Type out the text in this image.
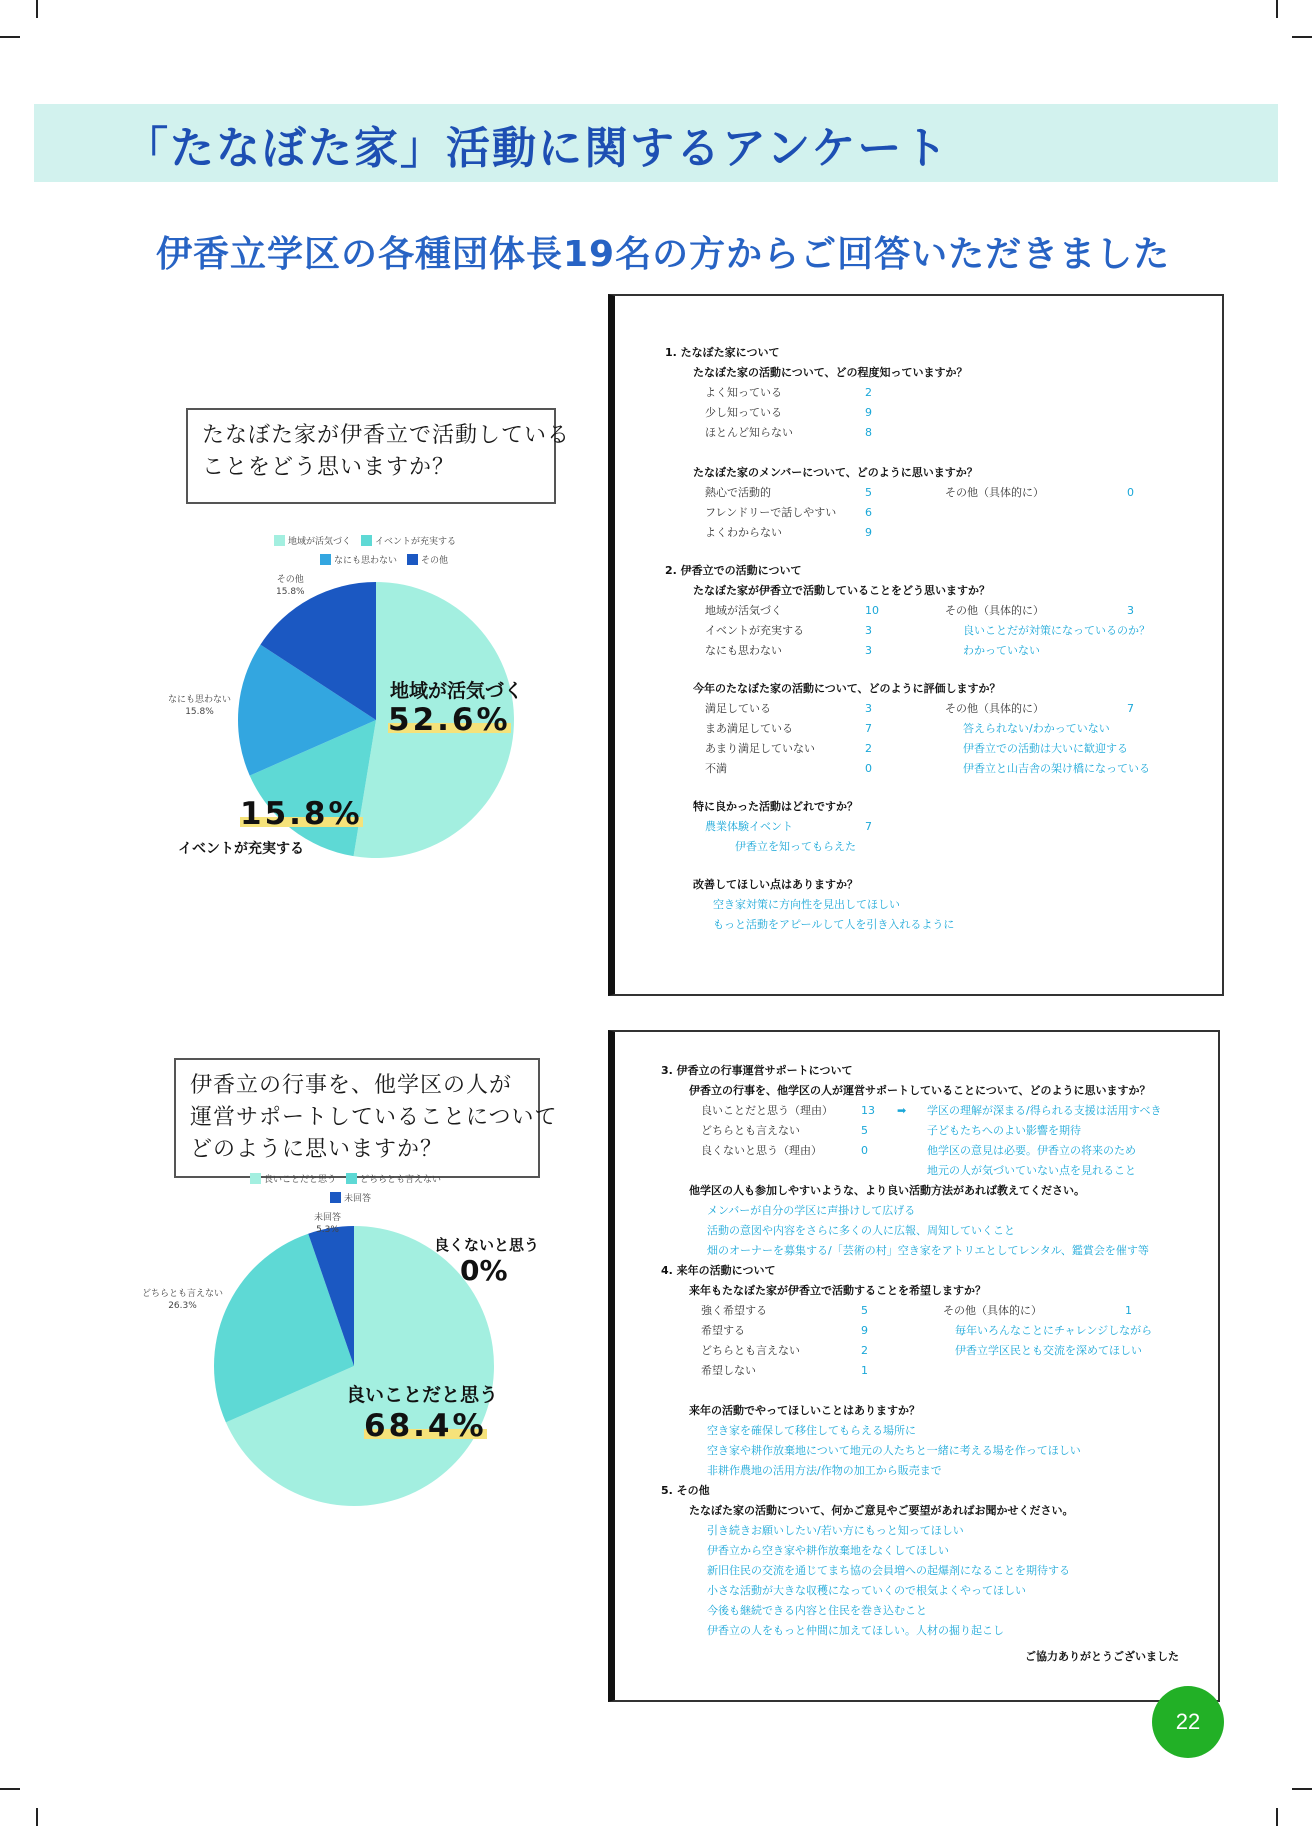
「たなぼた家」活動に関するアンケート
伊香立学区の各種団体長19名の方からご回答いただきました
たなぼた家が伊香立で活動している
ことをどう思いますか？
地域が活気づく	イベントが充実する
なにも思わない	その他
その他
15.8%
なにも思わない
15.8%
地域が活気づく
52.6%
15.8%
イベントが充実する
伊香立の行事を、他学区の人が
運営サポートしていることについて
どのように思いますか？
良いことだと思う	どちらとも言えない
未回答
未回答
5.3%
どちらとも言えない
26.3%
良くないと思う
0%
良いことだと思う
68.4%
1. たなぼた家について
たなぼた家の活動について、どの程度知っていますか？
よく知っている	2
少し知っている	9
ほとんど知らない	8
たなぼた家のメンバーについて、どのように思いますか？
熱心で活動的	5	その他（具体的に）	0
フレンドリーで話しやすい	6
よくわからない	9
2. 伊香立での活動について
たなぼた家が伊香立で活動していることをどう思いますか？
地域が活気づく	10	その他（具体的に）	3
イベントが充実する	3	良いことだが対策になっているのか？
なにも思わない	3	わかっていない
今年のたなぼた家の活動について、どのように評価しますか？
満足している	3	その他（具体的に）	7
まあ満足している	7	答えられない/わかっていない
あまり満足していない	2	伊香立での活動は大いに歓迎する
不満	0	伊香立と山吉舎の架け橋になっている
特に良かった活動はどれですか？
農業体験イベント	7
伊香立を知ってもらえた
改善してほしい点はありますか？
空き家対策に方向性を見出してほしい
もっと活動をアピールして人を引き入れるように
3. 伊香立の行事運営サポートについて
伊香立の行事を、他学区の人が運営サポートしていることについて、どのように思いますか？
良いことだと思う（理由）	13 ➡ 学区の理解が深まる/得られる支援は活用すべき
どちらとも言えない	5	子どもたちへのよい影響を期待
良くないと思う（理由）	0	他学区の意見は必要。伊香立の将来のため
地元の人が気づいていない点を見れること
他学区の人も参加しやすいような、より良い活動方法があれば教えてください。
メンバーが自分の学区に声掛けして広げる
活動の意図や内容をさらに多くの人に広報、周知していくこと
畑のオーナーを募集する/「芸術の村」空き家をアトリエとしてレンタル、鑑賞会を催す等
4. 来年の活動について
来年もたなぼた家が伊香立で活動することを希望しますか？
強く希望する	5	その他（具体的に）	1
希望する	9	毎年いろんなことにチャレンジしながら
どちらとも言えない	2	伊香立学区民とも交流を深めてほしい
希望しない	1
来年の活動でやってほしいことはありますか？
空き家を確保して移住してもらえる場所に
空き家や耕作放棄地について地元の人たちと一緒に考える場を作ってほしい
非耕作農地の活用方法/作物の加工から販売まで
5. その他
たなぼた家の活動について、何かご意見やご要望があればお聞かせください。
引き続きお願いしたい/若い方にもっと知ってほしい
伊香立から空き家や耕作放棄地をなくしてほしい
新旧住民の交流を通じてまち協の会員増への起爆剤になることを期待する
小さな活動が大きな収穫になっていくので根気よくやってほしい
今後も継続できる内容と住民を巻き込むこと
伊香立の人をもっと仲間に加えてほしい。人材の掘り起こし
ご協力ありがとうございました
22
